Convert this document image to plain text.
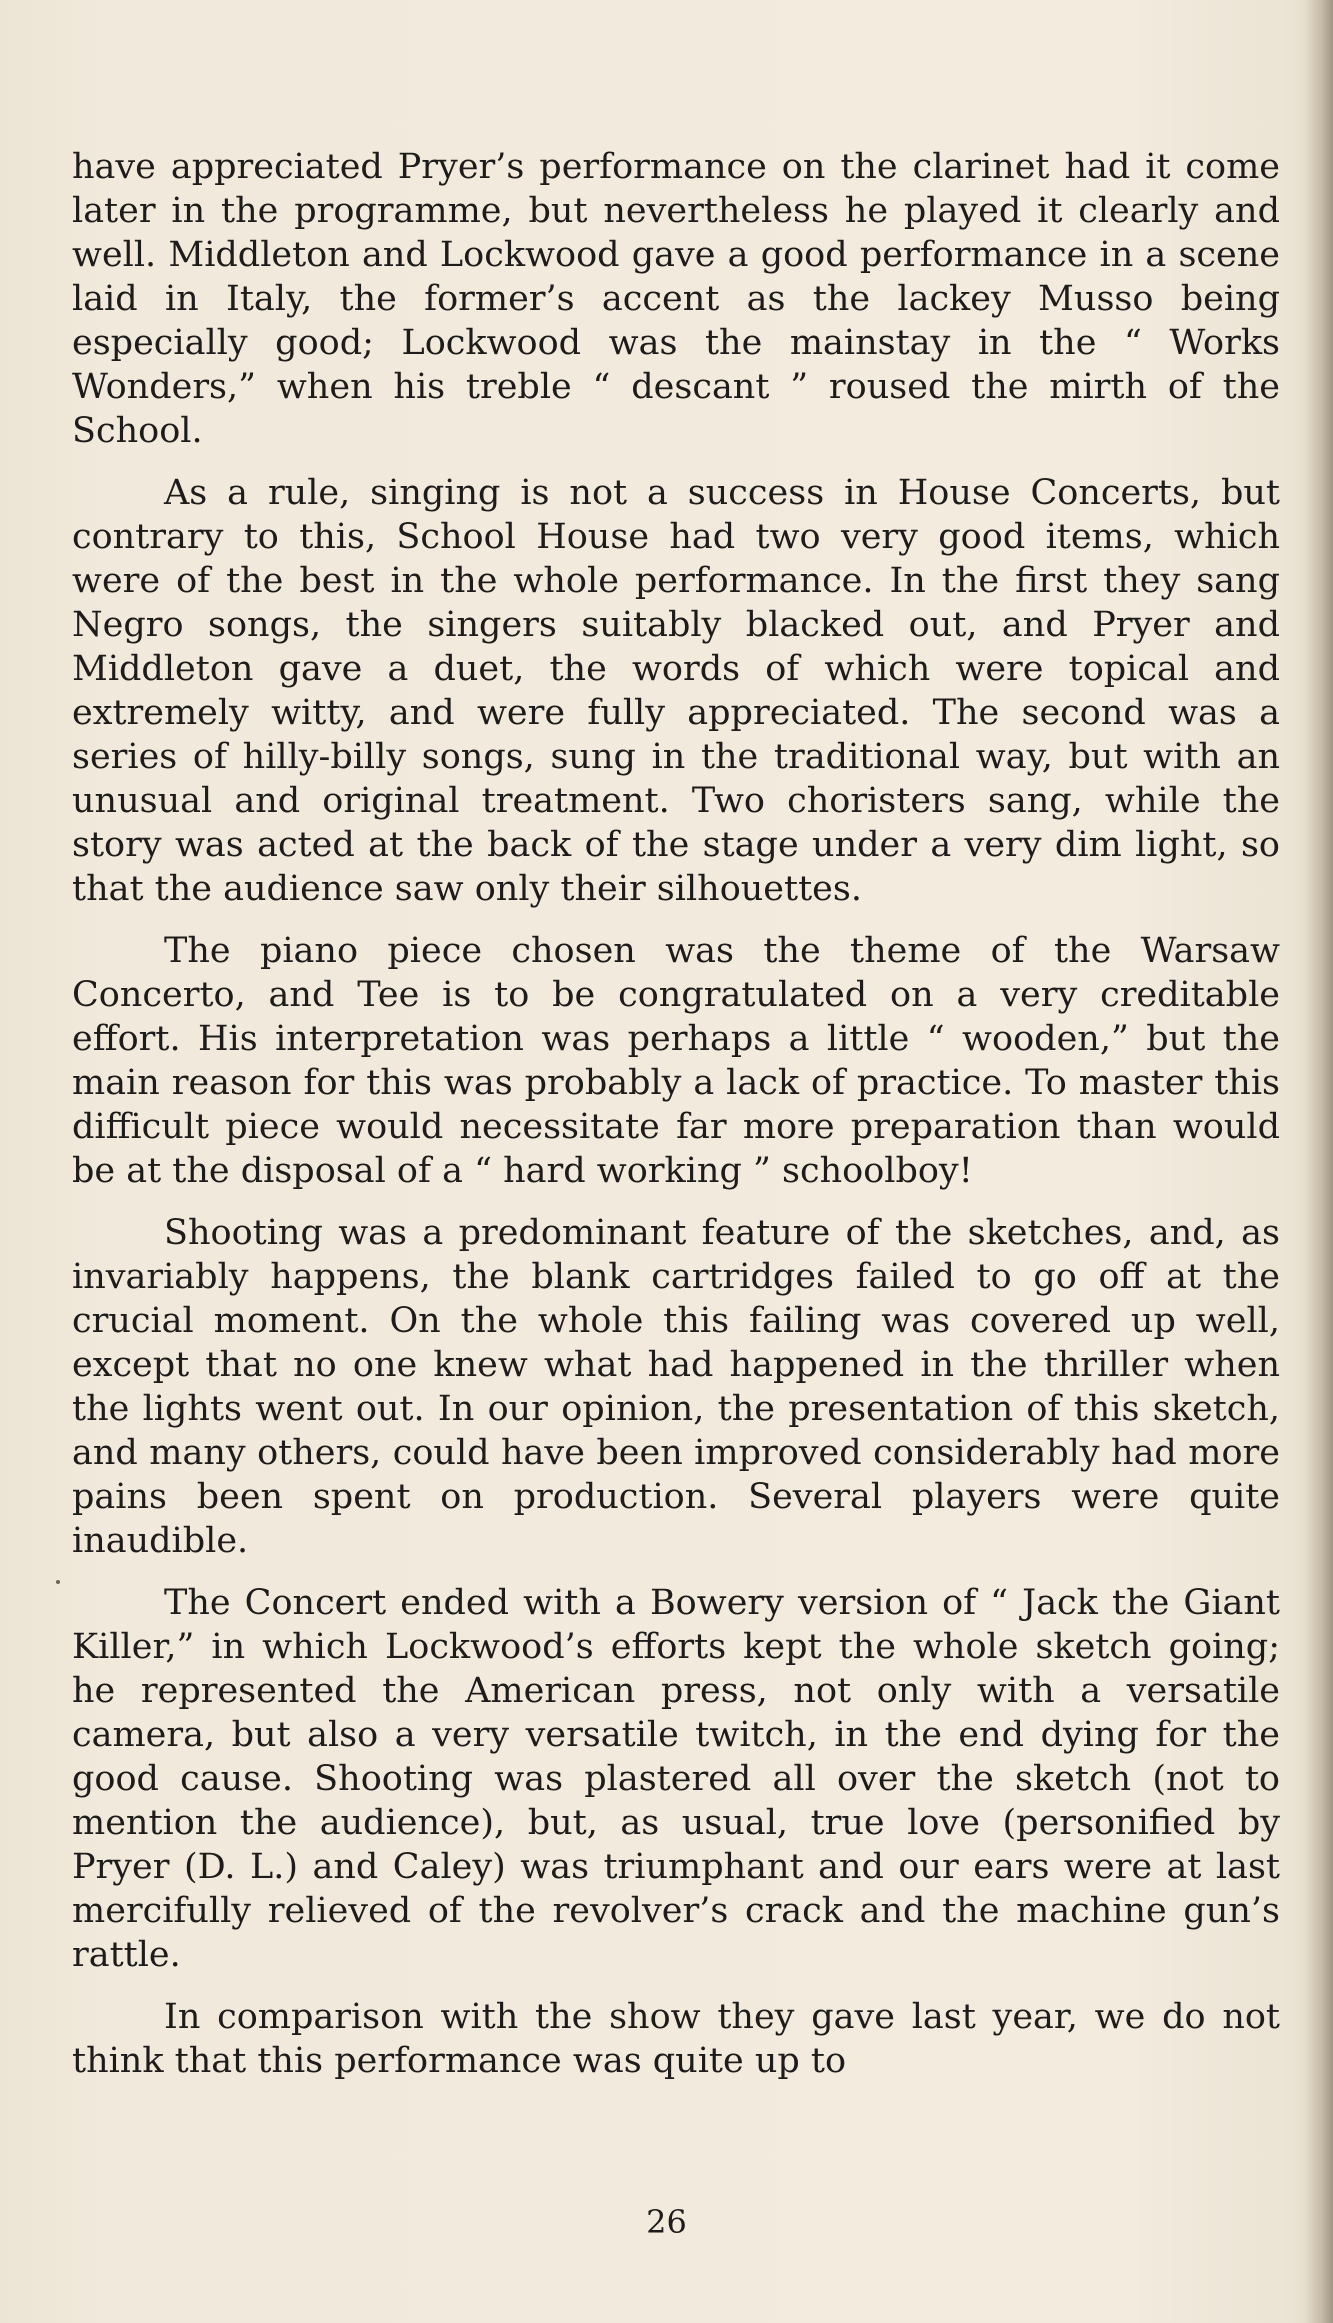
have appreciated Pryer’s performance on the clarinet had it come later in the programme, but nevertheless he played it clearly and well. Middleton and Lockwood gave a good performance in a scene laid in Italy, the former’s accent as the lackey Musso being especially good; Lockwood was the mainstay in the “ Works Wonders,” when his treble “ descant ” roused the mirth of the School.

As a rule, singing is not a success in House Concerts, but contrary to this, School House had two very good items, which were of the best in the whole performance. In the first they sang Negro songs, the singers suitably blacked out, and Pryer and Middleton gave a duet, the words of which were topical and extremely witty, and were fully appreciated. The second was a series of hilly-billy songs, sung in the traditional way, but with an unusual and original treatment. Two choristers sang, while the story was acted at the back of the stage under a very dim light, so that the audience saw only their silhouettes.

The piano piece chosen was the theme of the Warsaw Concerto, and Tee is to be congratulated on a very creditable effort. His interpretation was perhaps a little “ wooden,” but the main reason for this was probably a lack of practice. To master this difficult piece would necessitate far more preparation than would be at the disposal of a “ hard working ” schoolboy!

Shooting was a predominant feature of the sketches, and, as invariably happens, the blank cartridges failed to go off at the crucial moment. On the whole this failing was covered up well, except that no one knew what had happened in the thriller when the lights went out. In our opinion, the presentation of this sketch, and many others, could have been improved considerably had more pains been spent on production. Several players were quite inaudible.

The Concert ended with a Bowery version of “ Jack the Giant Killer,” in which Lockwood’s efforts kept the whole sketch going; he represented the American press, not only with a versatile camera, but also a very versatile twitch, in the end dying for the good cause. Shooting was plastered all over the sketch (not to mention the audience), but, as usual, true love (personified by Pryer (D. L.) and Caley) was triumphant and our ears were at last mercifully relieved of the revolver’s crack and the machine gun’s rattle.

In comparison with the show they gave last year, we do not think that this performance was quite up to

26
